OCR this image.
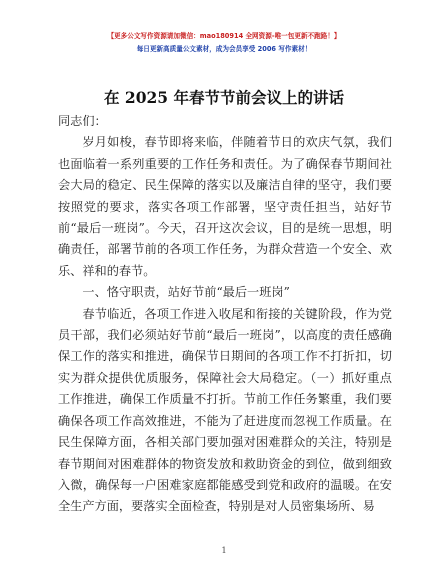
【更多公文写作资源请加微信：mao180914 全网资源-唯一包更新不跑路！】
每日更新高质量公文素材，成为会员享受 2006 写作素材！
在 2025 年春节节前会议上的讲话

同志们：

岁月如梭，春节即将来临，伴随着节日的欢庆气氛，我们也面临着一系列重要的工作任务和责任。为了确保春节期间社会大局的稳定、民生保障的落实以及廉洁自律的坚守，我们要按照党的要求，落实各项工作部署，坚守责任担当，站好节前“最后一班岗”。今天，召开这次会议，目的是统一思想，明确责任，部署节前的各项工作任务，为群众营造一个安全、欢乐、祥和的春节。

一、恪守职责，站好节前“最后一班岗”

春节临近，各项工作进入收尾和衔接的关键阶段，作为党员干部，我们必须站好节前“最后一班岗”，以高度的责任感确保工作的落实和推进，确保节日期间的各项工作不打折扣，切实为群众提供优质服务，保障社会大局稳定。（一）抓好重点工作推进，确保工作质量不打折。节前工作任务繁重，我们要确保各项工作高效推进，不能为了赶进度而忽视工作质量。在民生保障方面，各相关部门要加强对困难群众的关注，特别是春节期间对困难群体的物资发放和救助资金的到位，做到细致入微，确保每一户困难家庭都能感受到党和政府的温暖。在安全生产方面，要落实全面检查，特别是对人员密集场所、易

1
